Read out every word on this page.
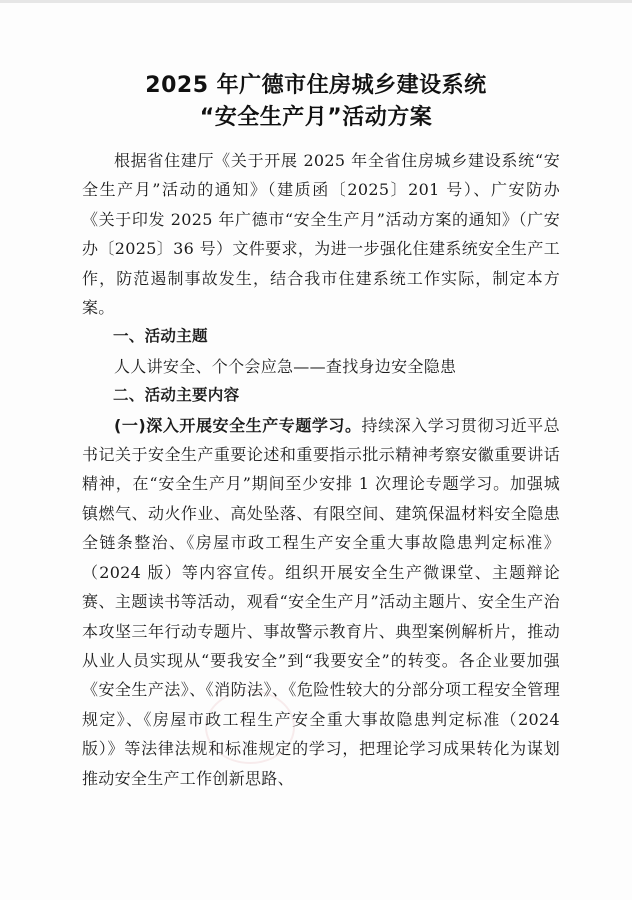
2025 年广德市住房城乡建设系统
“安全生产月”活动方案

根据省住建厅《关于开展 2025 年全省住房城乡建设系统“安全生产月”活动的通知》（建质函〔2025〕201 号）、广安防办《关于印发 2025 年广德市“安全生产月”活动方案的通知》（广安办〔2025〕36 号）文件要求，为进一步强化住建系统安全生产工作，防范遏制事故发生，结合我市住建系统工作实际，制定本方案。

一、活动主题

人人讲安全、个个会应急——查找身边安全隐患

二、活动主要内容

(一)深入开展安全生产专题学习。持续深入学习贯彻习近平总书记关于安全生产重要论述和重要指示批示精神考察安徽重要讲话精神，在“安全生产月”期间至少安排 1 次理论专题学习。加强城镇燃气、动火作业、高处坠落、有限空间、建筑保温材料安全隐患全链条整治、《房屋市政工程生产安全重大事故隐患判定标准》（2024 版）等内容宣传。组织开展安全生产微课堂、主题辩论赛、主题读书等活动，观看“安全生产月”活动主题片、安全生产治本攻坚三年行动专题片、事故警示教育片、典型案例解析片，推动从业人员实现从“要我安全”到“我要安全”的转变。各企业要加强《安全生产法》、《消防法》、《危险性较大的分部分项工程安全管理规定》、《房屋市政工程生产安全重大事故隐患判定标准（2024 版）》等法律法规和标准规定的学习，把理论学习成果转化为谋划推动安全生产工作创新思路、
